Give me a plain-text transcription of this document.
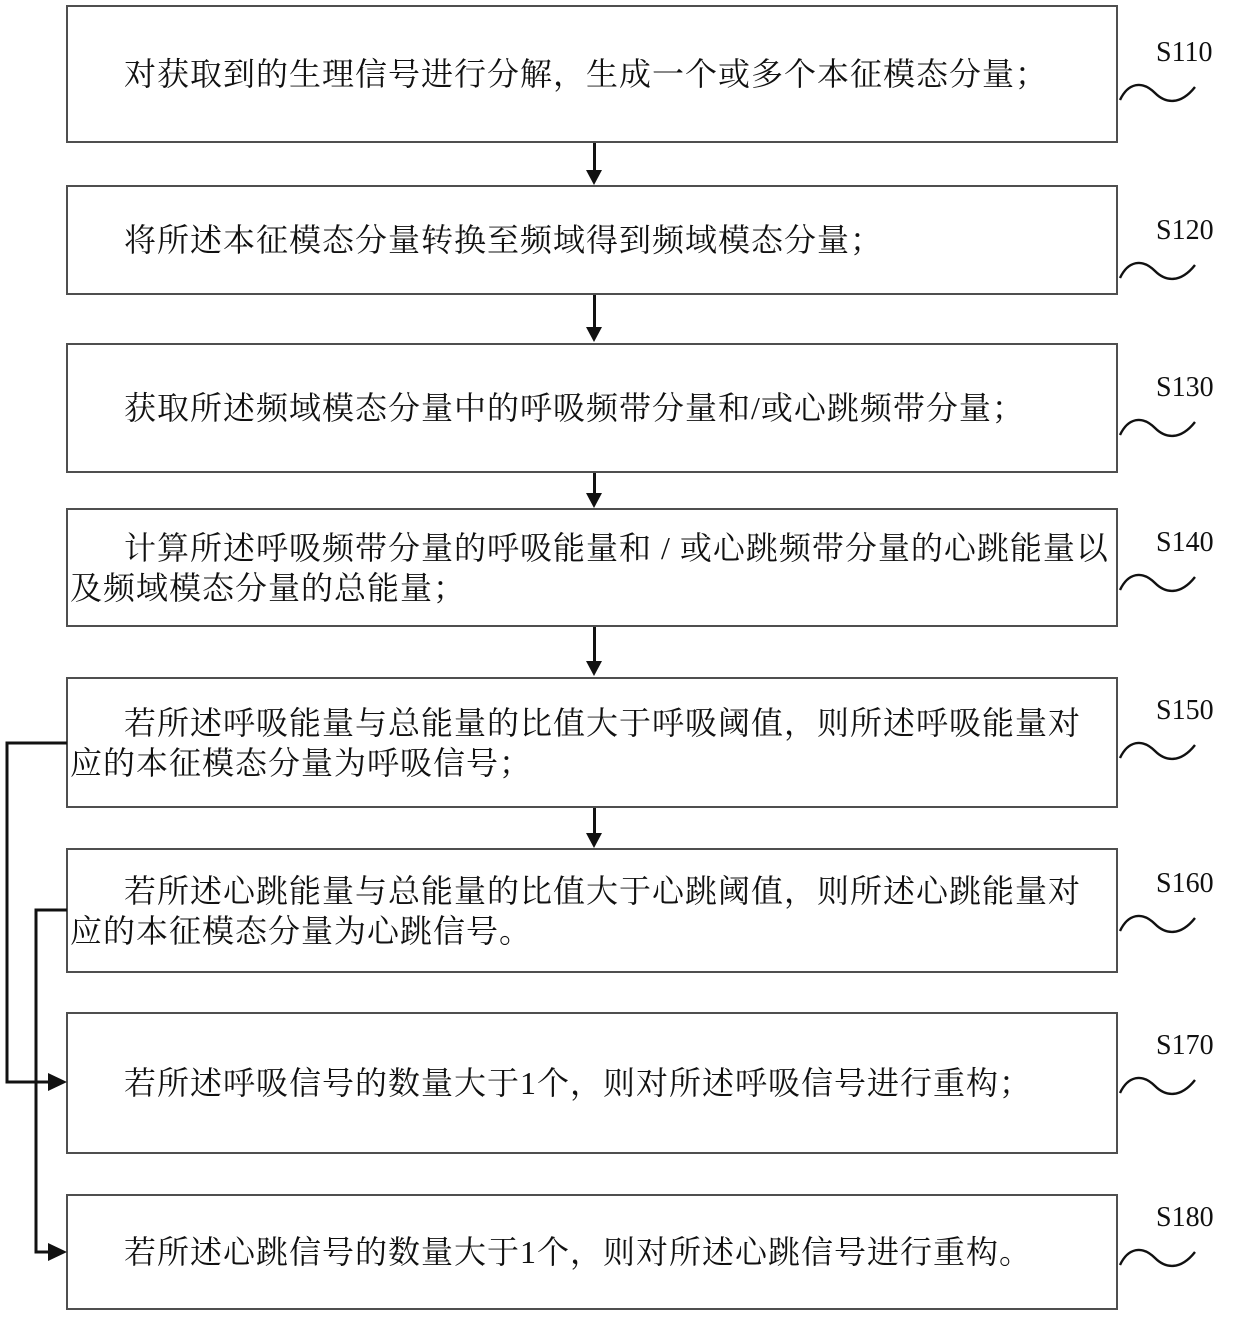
对获取到的生理信号进行分解，生成一个或多个本征模态分量；
将所述本征模态分量转换至频域得到频域模态分量；
获取所述频域模态分量中的呼吸频带分量和/或心跳频带分量；
计算所述呼吸频带分量的呼吸能量和 / 或心跳频带分量的心跳能量以
及频域模态分量的总能量；
若所述呼吸能量与总能量的比值大于呼吸阈值，则所述呼吸能量对
应的本征模态分量为呼吸信号；
若所述心跳能量与总能量的比值大于心跳阈值，则所述心跳能量对
应的本征模态分量为心跳信号。
若所述呼吸信号的数量大于1个，则对所述呼吸信号进行重构；
若所述心跳信号的数量大于1个，则对所述心跳信号进行重构。
S110
S120
S130
S140
S150
S160
S170
S180
